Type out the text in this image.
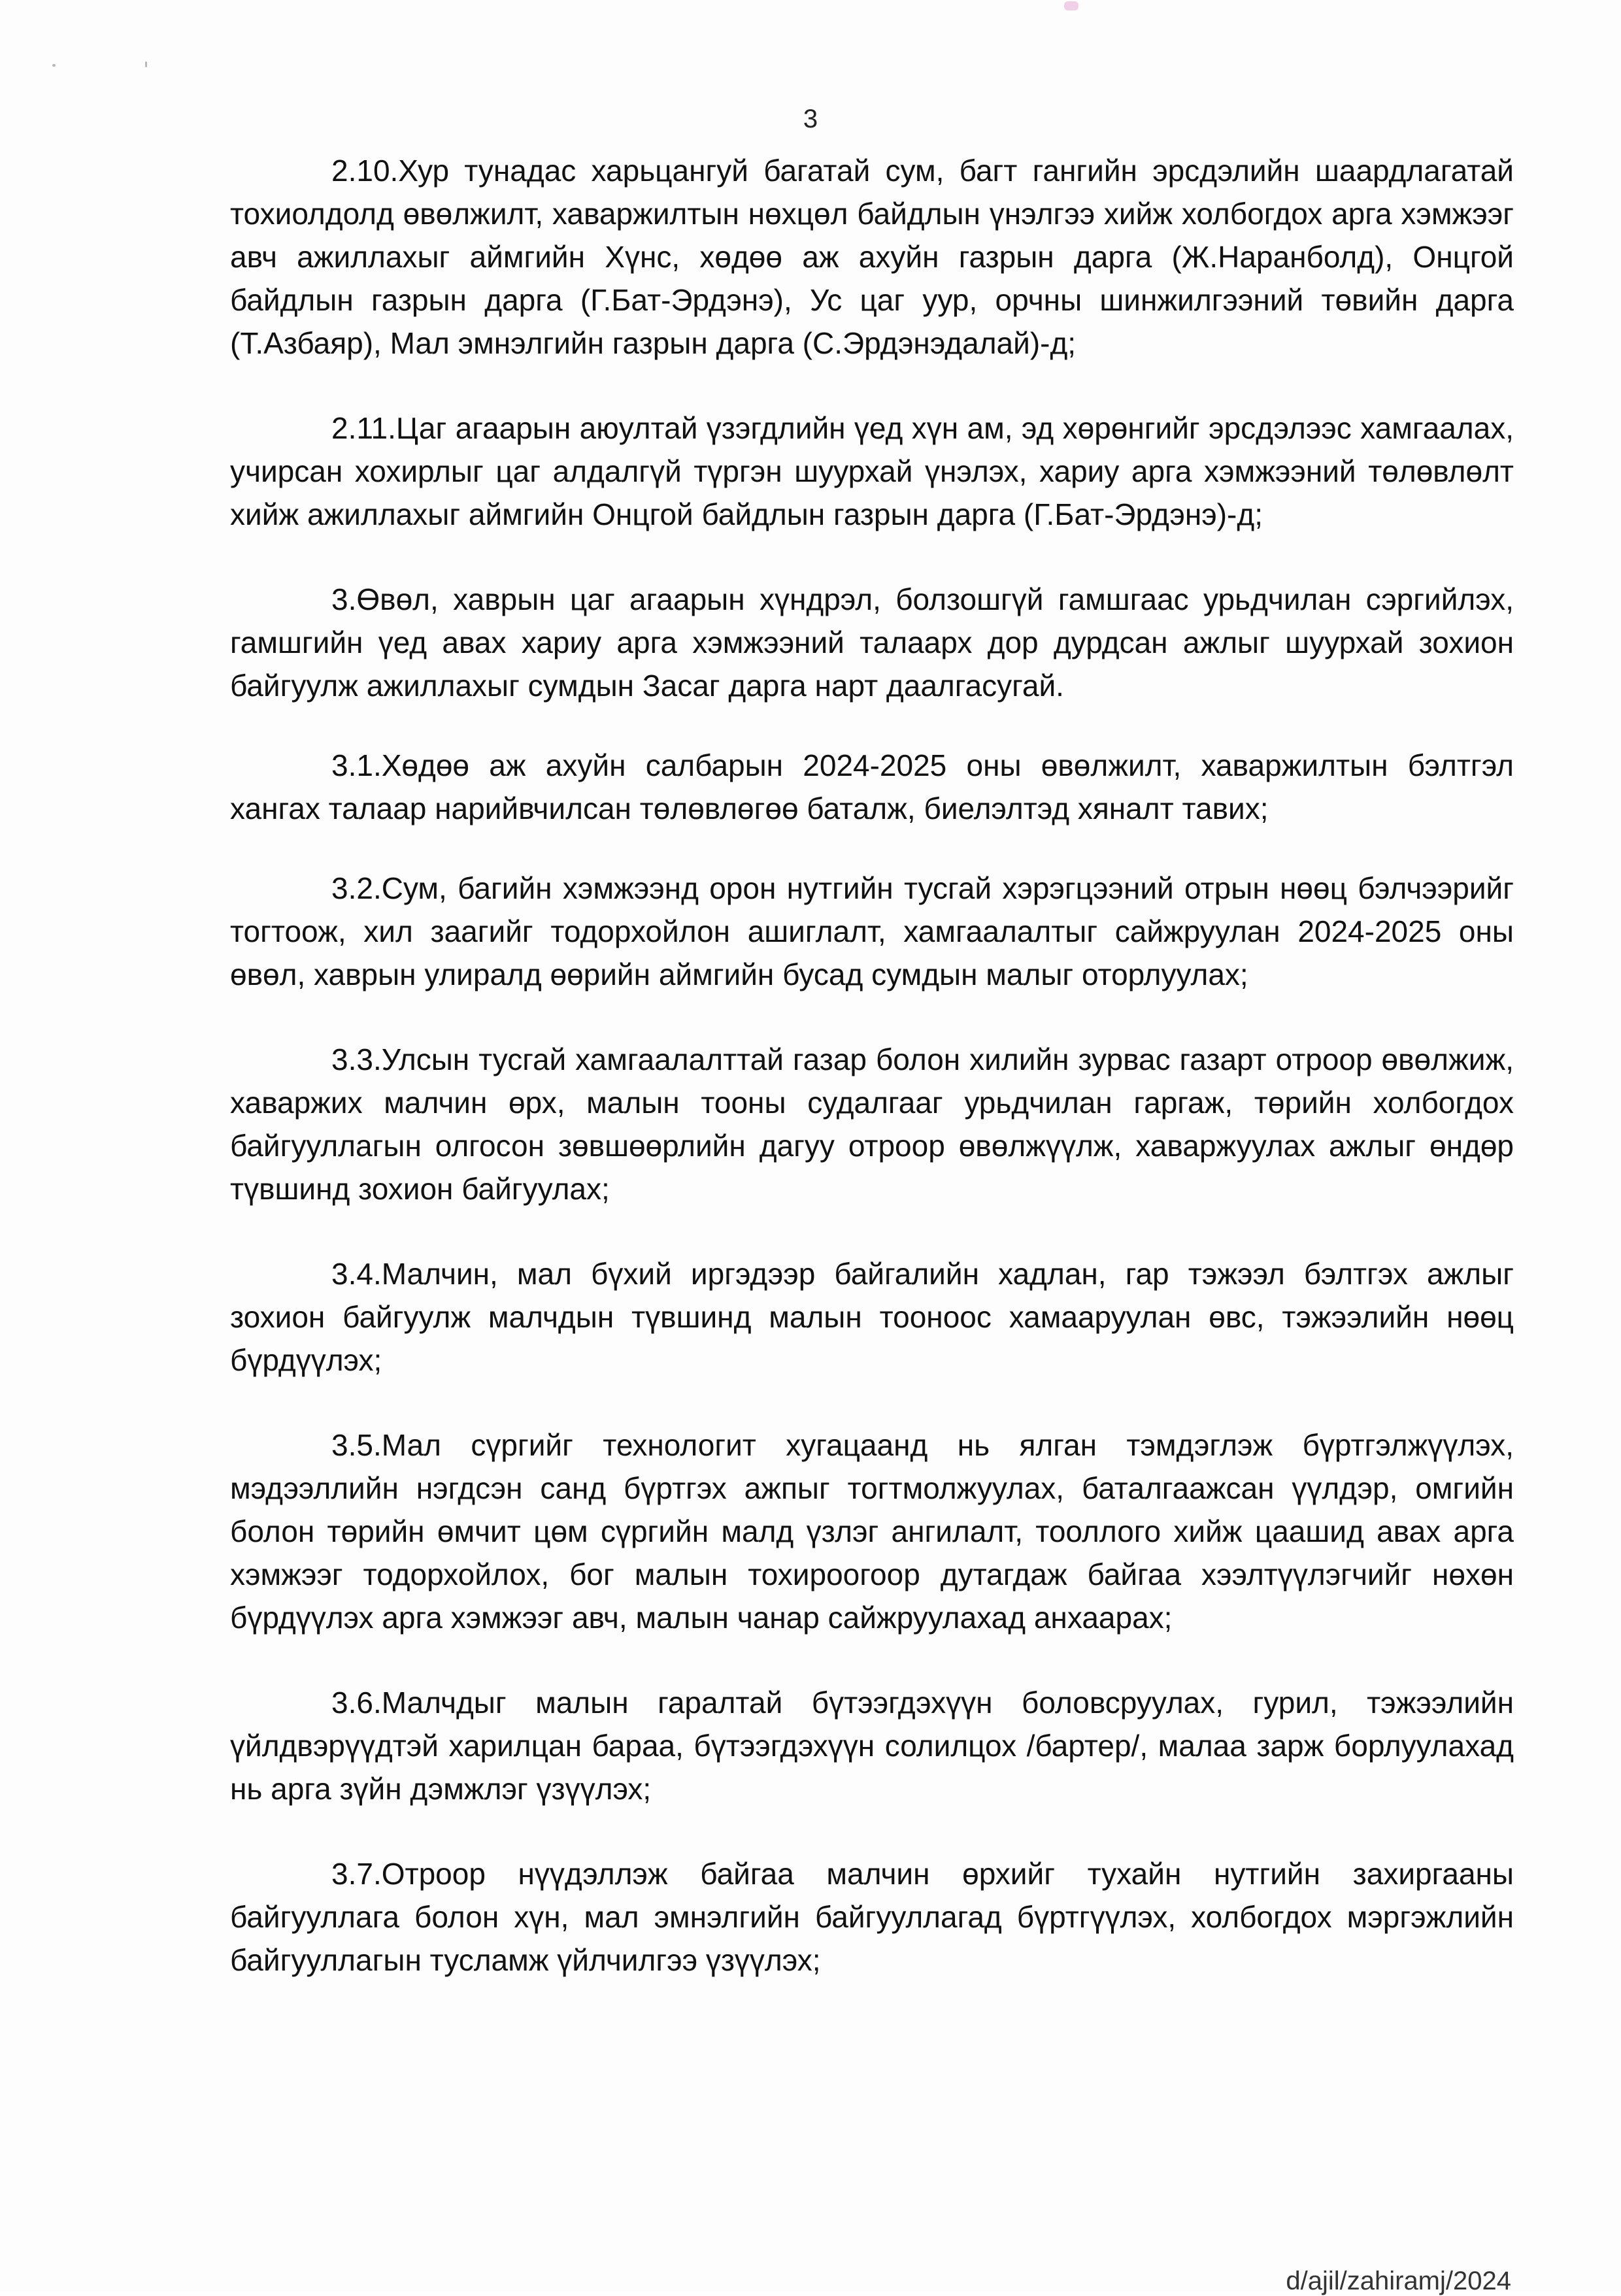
3

2.10.Хур тунадас харьцангуй багатай сум, багт гангийн эрсдэлийн шаардлагатай тохиолдолд өвөлжилт, хаваржилтын нөхцөл байдлын үнэлгээ хийж холбогдох арга хэмжээг авч ажиллахыг аймгийн Хүнс, хөдөө аж ахуйн газрын дарга (Ж.Наранболд), Онцгой байдлын газрын дарга (Г.Бат-Эрдэнэ), Ус цаг уур, орчны шинжилгээний төвийн дарга (Т.Азбаяр), Мал эмнэлгийн газрын дарга (С.Эрдэнэдалай)-д;

2.11.Цаг агаарын аюултай үзэгдлийн үед хүн ам, эд хөрөнгийг эрсдэлээс хамгаалах, учирсан хохирлыг цаг алдалгүй түргэн шуурхай үнэлэх, хариу арга хэмжээний төлөвлөлт хийж ажиллахыг аймгийн Онцгой байдлын газрын дарга (Г.Бат-Эрдэнэ)-д;

3.Өвөл, хаврын цаг агаарын хүндрэл, болзошгүй гамшгаас урьдчилан сэргийлэх, гамшгийн үед авах хариу арга хэмжээний талаарх дор дурдсан ажлыг шуурхай зохион байгуулж ажиллахыг сумдын Засаг дарга нарт даалгасугай.

3.1.Хөдөө аж ахуйн салбарын 2024-2025 оны өвөлжилт, хаваржилтын бэлтгэл хангах талаар нарийвчилсан төлөвлөгөө баталж, биелэлтэд хяналт тавих;

3.2.Сум, багийн хэмжээнд орон нутгийн тусгай хэрэгцээний отрын нөөц бэлчээрийг тогтоож, хил заагийг тодорхойлон ашиглалт, хамгаалалтыг сайжруулан 2024-2025 оны өвөл, хаврын улиралд өөрийн аймгийн бусад сумдын малыг оторлуулах;

3.3.Улсын тусгай хамгаалалттай газар болон хилийн зурвас газарт отроор өвөлжиж, хаваржих малчин өрх, малын тооны судалгааг урьдчилан гаргаж, төрийн холбогдох байгууллагын олгосон зөвшөөрлийн дагуу отроор өвөлжүүлж, хаваржуулах ажлыг өндөр түвшинд зохион байгуулах;

3.4.Малчин, мал бүхий иргэдээр байгалийн хадлан, гар тэжээл бэлтгэх ажлыг зохион байгуулж малчдын түвшинд малын тооноос хамааруулан өвс, тэжээлийн нөөц бүрдүүлэх;

3.5.Мал сүргийг технологит хугацаанд нь ялган тэмдэглэж бүртгэлжүүлэх, мэдээллийн нэгдсэн санд бүртгэх ажпыг тогтмолжуулах, баталгаажсан үүлдэр, омгийн болон төрийн өмчит цөм сүргийн малд үзлэг ангилалт, тооллого хийж цаашид авах арга хэмжээг тодорхойлох, бог малын тохироогоор дутагдаж байгаа хээлтүүлэгчийг нөхөн бүрдүүлэх арга хэмжээг авч, малын чанар сайжруулахад анхаарах;

3.6.Малчдыг малын гаралтай бүтээгдэхүүн боловсруулах, гурил, тэжээлийн үйлдвэрүүдтэй харилцан бараа, бүтээгдэхүүн солилцох /бартер/, малаа зарж борлуулахад нь арга зүйн дэмжлэг үзүүлэх;

3.7.Отроор нүүдэллэж байгаа малчин өрхийг тухайн нутгийн захиргааны байгууллага болон хүн, мал эмнэлгийн байгууллагад бүртгүүлэх, холбогдох мэргэжлийн байгууллагын тусламж үйлчилгээ үзүүлэх;

d/ajil/zahiramj/2024
